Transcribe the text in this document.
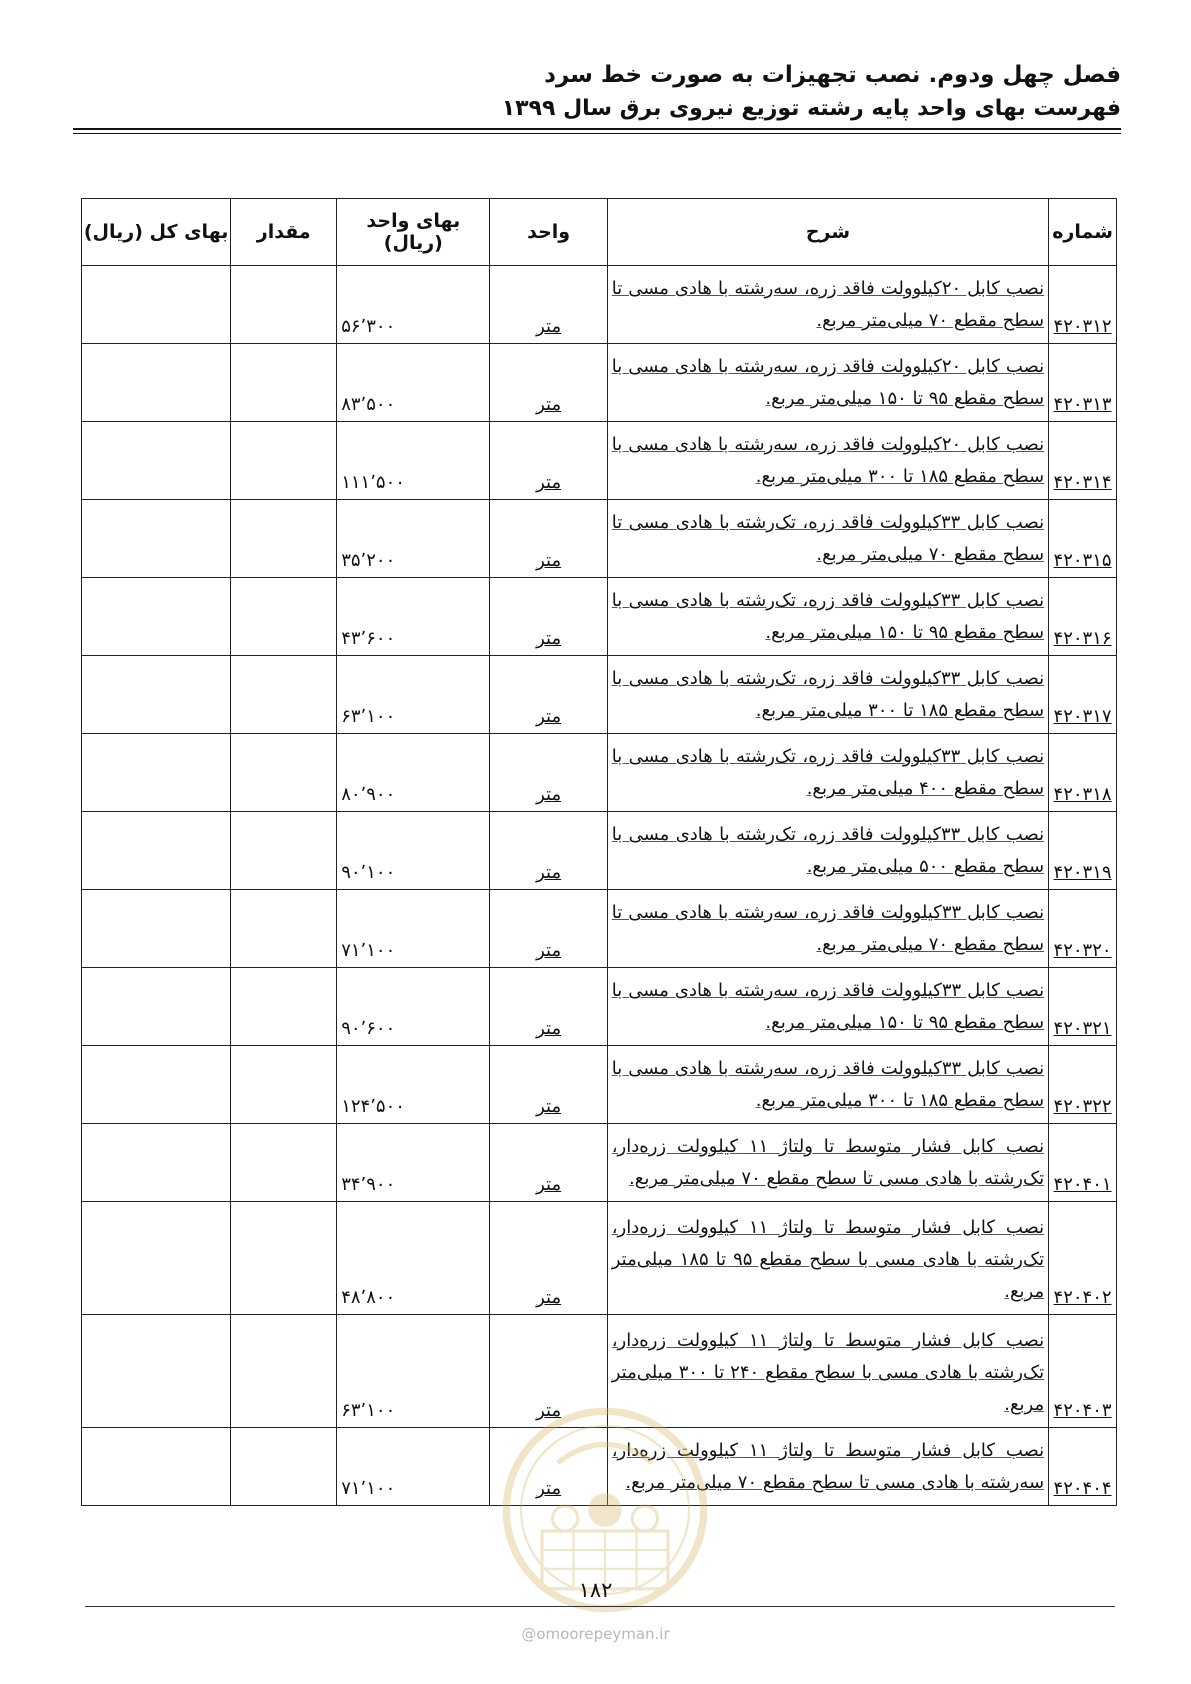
فصل چهل ودوم. نصب تجهیزات به صورت خط سرد
فهرست بهای واحد پایه رشته توزیع نیروی برق سال ۱۳۹۹
شماره	شرح	واحد	بهای واحد (ریال)	مقدار	بهای کل (ریال)
۴۲۰۳۱۲	نصب کابل ۲۰کیلوولت فاقد زره، سه‌رشته با هادی مسی تا سطح مقطع ۷۰ میلی‌متر مربع.	متر	۵۶٬۳۰۰		
۴۲۰۳۱۳	نصب کابل ۲۰کیلوولت فاقد زره، سه‌رشته با هادی مسی با سطح مقطع ۹۵ تا ۱۵۰ میلی‌متر مربع.	متر	۸۳٬۵۰۰		
۴۲۰۳۱۴	نصب کابل ۲۰کیلوولت فاقد زره، سه‌رشته با هادی مسی با سطح مقطع ۱۸۵ تا ۳۰۰ میلی‌متر مربع.	متر	۱۱۱٬۵۰۰		
۴۲۰۳۱۵	نصب کابل ۳۳کیلوولت فاقد زره، تک‌رشته با هادی مسی تا سطح مقطع ۷۰ میلی‌متر مربع.	متر	۳۵٬۲۰۰		
۴۲۰۳۱۶	نصب کابل ۳۳کیلوولت فاقد زره، تک‌رشته با هادی مسی با سطح مقطع ۹۵ تا ۱۵۰ میلی‌متر مربع.	متر	۴۳٬۶۰۰		
۴۲۰۳۱۷	نصب کابل ۳۳کیلوولت فاقد زره، تک‌رشته با هادی مسی با سطح مقطع ۱۸۵ تا ۳۰۰ میلی‌متر مربع.	متر	۶۳٬۱۰۰		
۴۲۰۳۱۸	نصب کابل ۳۳کیلوولت فاقد زره، تک‌رشته با هادی مسی با سطح مقطع ۴۰۰ میلی‌متر مربع.	متر	۸۰٬۹۰۰		
۴۲۰۳۱۹	نصب کابل ۳۳کیلوولت فاقد زره، تک‌رشته با هادی مسی با سطح مقطع ۵۰۰ میلی‌متر مربع.	متر	۹۰٬۱۰۰		
۴۲۰۳۲۰	نصب کابل ۳۳کیلوولت فاقد زره، سه‌رشته با هادی مسی تا سطح مقطع ۷۰ میلی‌متر مربع.	متر	۷۱٬۱۰۰		
۴۲۰۳۲۱	نصب کابل ۳۳کیلوولت فاقد زره، سه‌رشته با هادی مسی با سطح مقطع ۹۵ تا ۱۵۰ میلی‌متر مربع.	متر	۹۰٬۶۰۰		
۴۲۰۳۲۲	نصب کابل ۳۳کیلوولت فاقد زره، سه‌رشته با هادی مسی با سطح مقطع ۱۸۵ تا ۳۰۰ میلی‌متر مربع.	متر	۱۲۴٬۵۰۰		
۴۲۰۴۰۱	نصب کابل فشار متوسط تا ولتاژ ۱۱ کیلوولت زره‌دار، تک‌رشته با هادی مسی تا سطح مقطع ۷۰ میلی‌متر مربع.	متر	۳۴٬۹۰۰		
۴۲۰۴۰۲	نصب کابل فشار متوسط تا ولتاژ ۱۱ کیلوولت زره‌دار، تک‌رشته با هادی مسی با سطح مقطع ۹۵ تا ۱۸۵ میلی‌متر مربع.	متر	۴۸٬۸۰۰		
۴۲۰۴۰۳	نصب کابل فشار متوسط تا ولتاژ ۱۱ کیلوولت زره‌دار، تک‌رشته با هادی مسی با سطح مقطع ۲۴۰ تا ۳۰۰ میلی‌متر مربع.	متر	۶۳٬۱۰۰		
۴۲۰۴۰۴	نصب کابل فشار متوسط تا ولتاژ ۱۱ کیلوولت زره‌دار، سه‌رشته با هادی مسی تا سطح مقطع ۷۰ میلی‌متر مربع.	متر	۷۱٬۱۰۰		
۱۸۲
@omoorepeyman.ir
